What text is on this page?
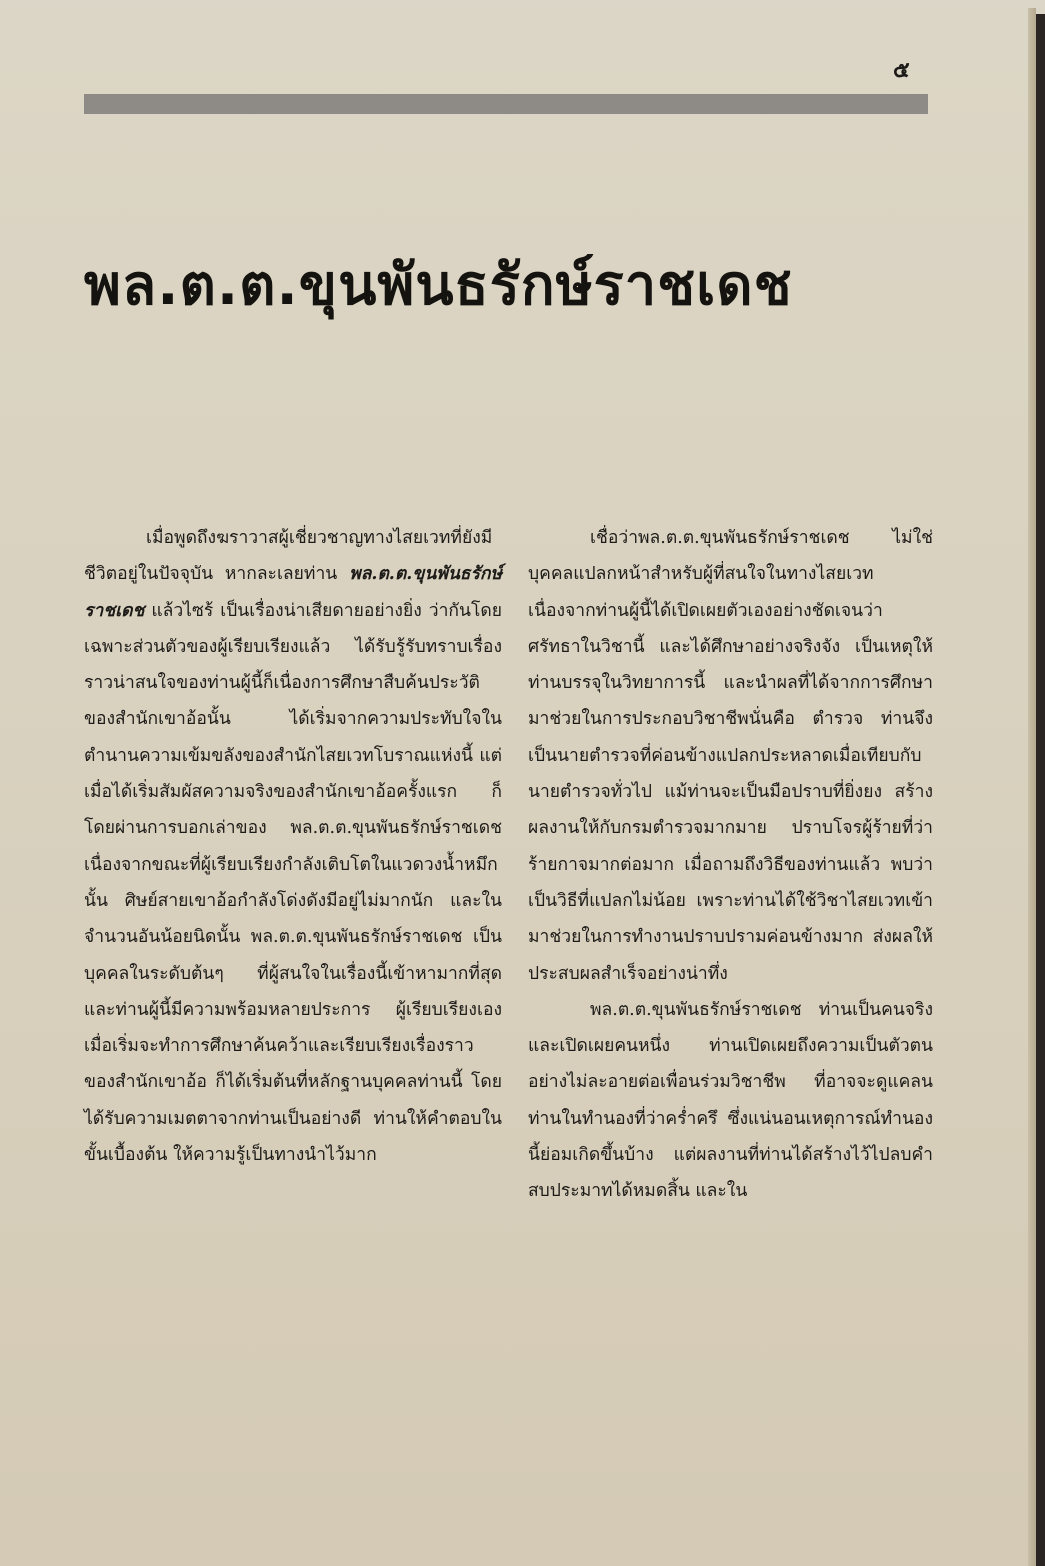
๕
พล.ต.ต.ขุนพันธรักษ์ราชเดช

เมื่อพูดถึงฆราวาสผู้เชี่ยวชาญทางไสยเวทที่ยังมีชีวิตอยู่ในปัจจุบัน หากละเลยท่าน พล.ต.ต.ขุนพันธรักษ์ราชเดช แล้วไซร้ เป็นเรื่องน่าเสียดายอย่างยิ่ง ว่ากันโดยเฉพาะส่วนตัวของผู้เรียบเรียงแล้ว ได้รับรู้รับทราบเรื่องราวน่าสนใจของท่านผู้นี้ก็เนื่องการศึกษาสืบค้นประวัติของสำนักเขาอ้อนั้น ได้เริ่มจากความประทับใจในตำนานความเข้มขลังของสำนักไสยเวทโบราณแห่งนี้ แต่เมื่อได้เริ่มสัมผัสความจริงของสำนักเขาอ้อครั้งแรก ก็โดยผ่านการบอกเล่าของ พล.ต.ต.ขุนพันธรักษ์ราชเดช เนื่องจากขณะที่ผู้เรียบเรียงกำลังเติบโตในแวดวงน้ำหมึกนั้น ศิษย์สายเขาอ้อกำลังโด่งดังมีอยู่ไม่มากนัก และในจำนวนอันน้อยนิดนั้น พล.ต.ต.ขุนพันธรักษ์ราชเดช เป็นบุคคลในระดับต้นๆ ที่ผู้สนใจในเรื่องนี้เข้าหามากที่สุด และท่านผู้นี้มีความพร้อมหลายประการ ผู้เรียบเรียงเองเมื่อเริ่มจะทำการศึกษาค้นคว้าและเรียบเรียงเรื่องราวของสำนักเขาอ้อ ก็ได้เริ่มต้นที่หลักฐานบุคคลท่านนี้ โดยได้รับความเมตตาจากท่านเป็นอย่างดี ท่านให้คำตอบในขั้นเบื้องต้น ให้ความรู้เป็นทางนำไว้มาก

เชื่อว่าพล.ต.ต.ขุนพันธรักษ์ราชเดช ไม่ใช่บุคคลแปลกหน้าสำหรับผู้ที่สนใจในทางไสยเวท เนื่องจากท่านผู้นี้ได้เปิดเผยตัวเองอย่างชัดเจนว่า ศรัทธาในวิชานี้ และได้ศึกษาอย่างจริงจัง เป็นเหตุให้ท่านบรรจุในวิทยาการนี้ และนำผลที่ได้จากการศึกษามาช่วยในการประกอบวิชาชีพนั่นคือ ตำรวจ ท่านจึงเป็นนายตำรวจที่ค่อนข้างแปลกประหลาดเมื่อเทียบกับนายตำรวจทั่วไป แม้ท่านจะเป็นมือปราบที่ยิ่งยง สร้างผลงานให้กับกรมตำรวจมากมาย ปราบโจรผู้ร้ายที่ว่าร้ายกาจมากต่อมาก เมื่อถามถึงวิธีของท่านแล้ว พบว่าเป็นวิธีที่แปลกไม่น้อย เพราะท่านได้ใช้วิชาไสยเวทเข้ามาช่วยในการทำงานปราบปรามค่อนข้างมาก ส่งผลให้ประสบผลสำเร็จอย่างน่าทึ่ง

พล.ต.ต.ขุนพันธรักษ์ราชเดช ท่านเป็นคนจริงและเปิดเผยคนหนึ่ง ท่านเปิดเผยถึงความเป็นตัวตนอย่างไม่ละอายต่อเพื่อนร่วมวิชาชีพ ที่อาจจะดูแคลนท่านในทำนองที่ว่าคร่ำครึ ซึ่งแน่นอนเหตุการณ์ทำนองนี้ย่อมเกิดขึ้นบ้าง แต่ผลงานที่ท่านได้สร้างไว้ไปลบคำสบประมาทได้หมดสิ้น และใน
